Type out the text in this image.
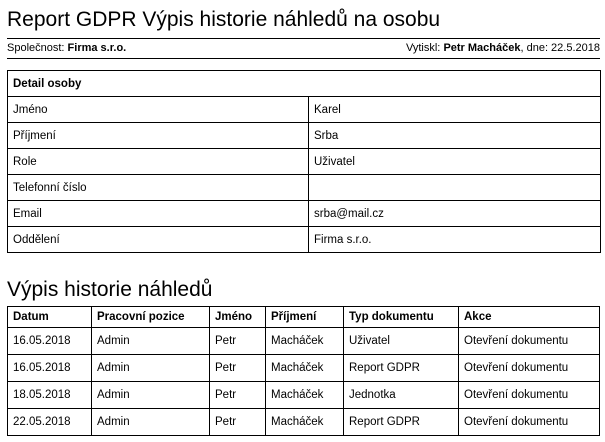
Report GDPR Výpis historie náhledů na osobu
Společnost: Firma s.r.o.	Vytiskl: Petr Macháček, dne: 22.5.2018
Detail osoby	
Jméno	Karel
Příjmení	Srba
Role	Uživatel
Telefonní číslo	
Email	srba@mail.cz
Oddělení	Firma s.r.o.
Výpis historie náhledů
Datum	Pracovní pozice	Jméno	Příjmení	Typ dokumentu	Akce
16.05.2018	Admin	Petr	Macháček	Uživatel	Otevření dokumentu
16.05.2018	Admin	Petr	Macháček	Report GDPR	Otevření dokumentu
18.05.2018	Admin	Petr	Macháček	Jednotka	Otevření dokumentu
22.05.2018	Admin	Petr	Macháček	Report GDPR	Otevření dokumentu
